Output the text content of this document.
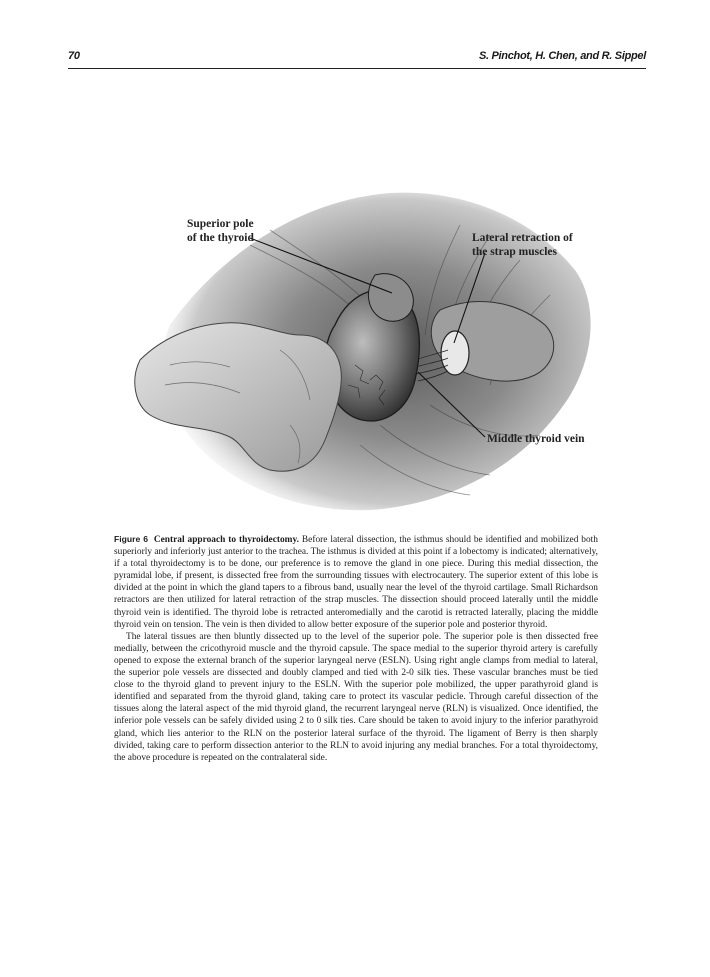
70	S. Pinchot, H. Chen, and R. Sippel
Superior pole
of the thyroid	Lateral retraction of
the strap muscles
Middle thyroid vein

Figure 6 Central approach to thyroidectomy. Before lateral dissection, the isthmus should be identified and mobilized both superiorly and inferiorly just anterior to the trachea. The isthmus is divided at this point if a lobectomy is indicated; alternatively, if a total thyroidectomy is to be done, our preference is to remove the gland in one piece. During this medial dissection, the pyramidal lobe, if present, is dissected free from the surrounding tissues with electrocautery. The superior extent of this lobe is divided at the point in which the gland tapers to a fibrous band, usually near the level of the thyroid cartilage. Small Richardson retractors are then utilized for lateral retraction of the strap muscles. The dissection should proceed laterally until the middle thyroid vein is identified. The thyroid lobe is retracted anteromedially and the carotid is retracted laterally, placing the middle thyroid vein on tension. The vein is then divided to allow better exposure of the superior pole and posterior thyroid.

The lateral tissues are then bluntly dissected up to the level of the superior pole. The superior pole is then dissected free medially, between the cricothyroid muscle and the thyroid capsule. The space medial to the superior thyroid artery is carefully opened to expose the external branch of the superior laryngeal nerve (ESLN). Using right angle clamps from medial to lateral, the superior pole vessels are dissected and doubly clamped and tied with 2-0 silk ties. These vascular branches must be tied close to the thyroid gland to prevent injury to the ESLN. With the superior pole mobilized, the upper parathyroid gland is identified and separated from the thyroid gland, taking care to protect its vascular pedicle. Through careful dissection of the tissues along the lateral aspect of the mid thyroid gland, the recurrent laryngeal nerve (RLN) is visualized. Once identified, the inferior pole vessels can be safely divided using 2 to 0 silk ties. Care should be taken to avoid injury to the inferior parathyroid gland, which lies anterior to the RLN on the posterior lateral surface of the thyroid. The ligament of Berry is then sharply divided, taking care to perform dissection anterior to the RLN to avoid injuring any medial branches. For a total thyroidectomy, the above procedure is repeated on the contralateral side.
